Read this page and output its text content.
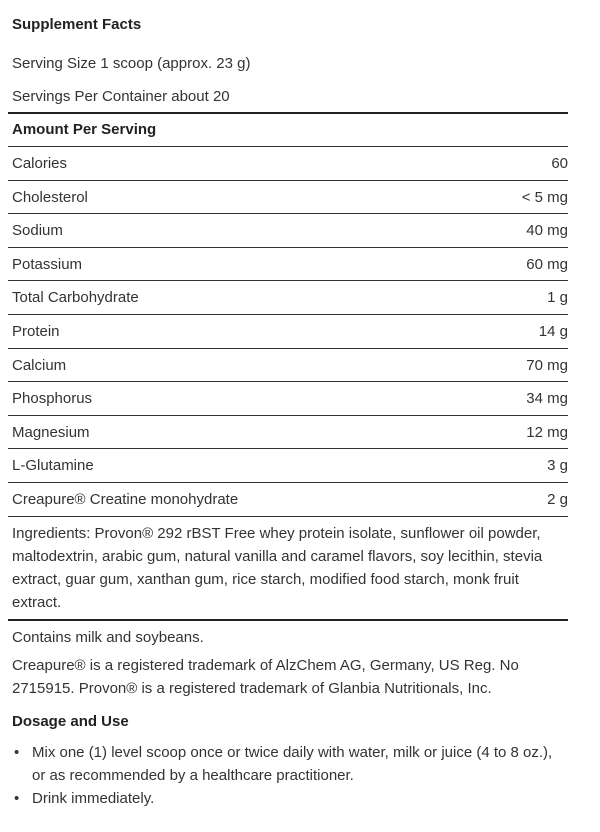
Supplement Facts
Serving Size 1 scoop (approx. 23 g)
Servings Per Container about 20
Amount Per Serving
Calories	60
Cholesterol	< 5 mg
Sodium	40 mg
Potassium	60 mg
Total Carbohydrate	1 g
Protein	14 g
Calcium	70 mg
Phosphorus	34 mg
Magnesium	12 mg
L-Glutamine	3 g
Creapure® Creatine monohydrate	2 g
Ingredients: Provon® 292 rBST Free whey protein isolate, sunflower oil powder, maltodextrin, arabic gum, natural vanilla and caramel flavors, soy lecithin, stevia extract, guar gum, xanthan gum, rice starch, modified food starch, monk fruit extract.
Contains milk and soybeans.
Creapure® is a registered trademark of AlzChem AG, Germany, US Reg. No 2715915. Provon® is a registered trademark of Glanbia Nutritionals, Inc.
Dosage and Use
• Mix one (1) level scoop once or twice daily with water, milk or juice (4 to 8 oz.), or as recommended by a healthcare practitioner.
• Drink immediately.
